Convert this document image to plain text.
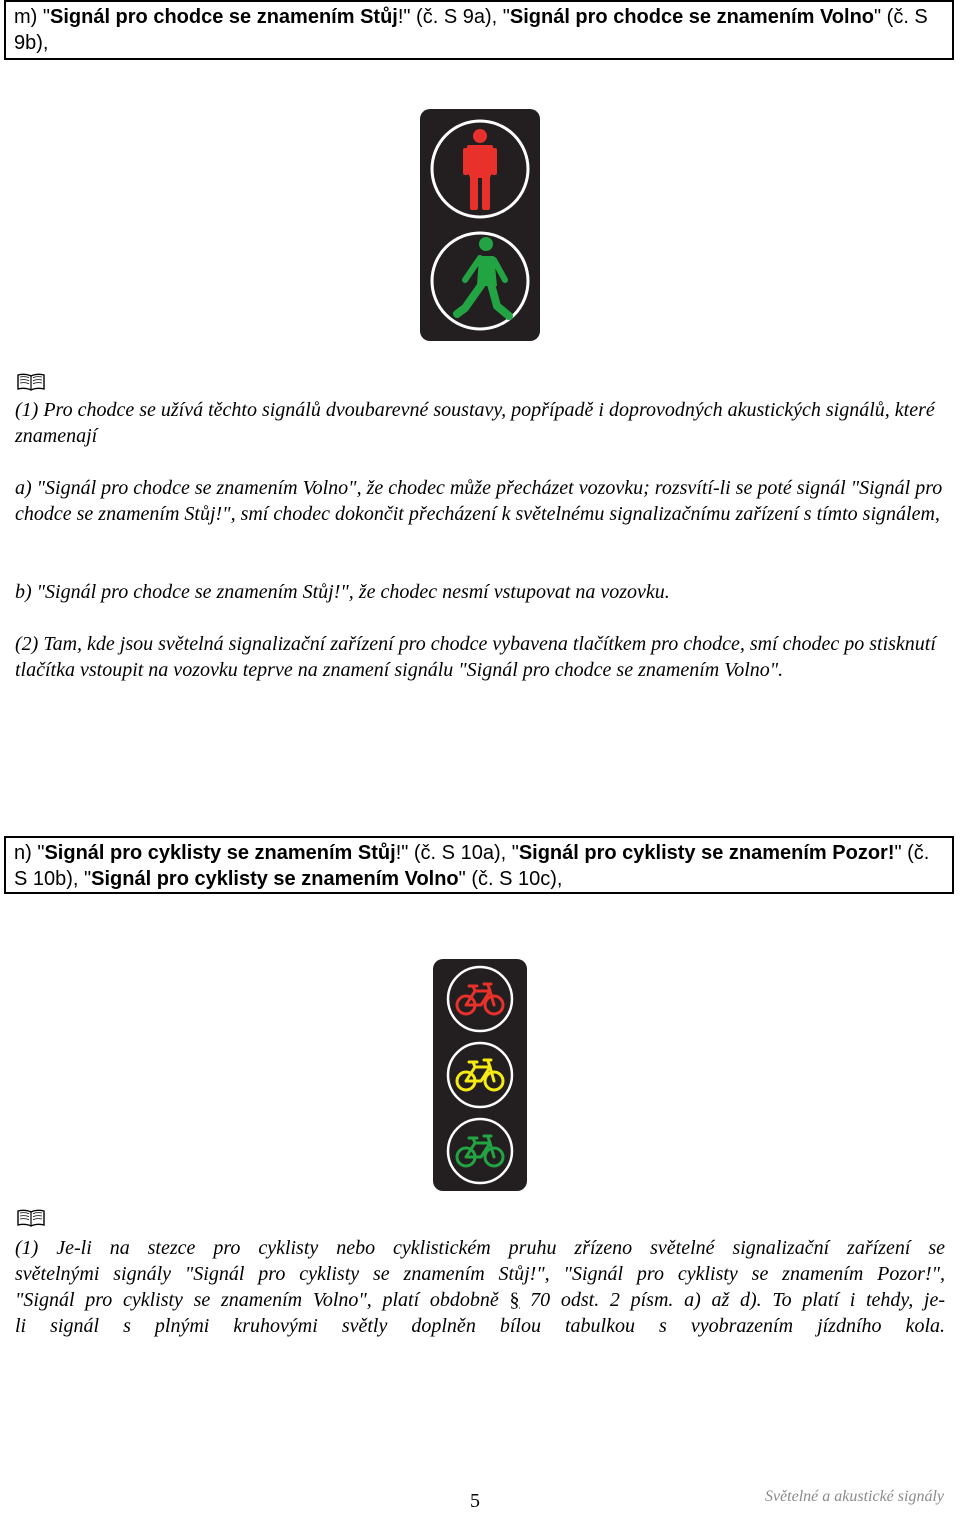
m) "Signál pro chodce se znamením Stůj!" (č. S 9a), "Signál pro chodce se znamením Volno" (č. S 9b),

(1) Pro chodce se užívá těchto signálů dvoubarevné soustavy, popřípadě i doprovodných akustických signálů, které znamenají

a) "Signál pro chodce se znamením Volno", že chodec může přecházet vozovku; rozsvítí-li se poté signál "Signál pro chodce se znamením Stůj!", smí chodec dokončit přecházení k světelnému signalizačnímu zařízení s tímto signálem,

b) "Signál pro chodce se znamením Stůj!", že chodec nesmí vstupovat na vozovku.

(2) Tam, kde jsou světelná signalizační zařízení pro chodce vybavena tlačítkem pro chodce, smí chodec po stisknutí tlačítka vstoupit na vozovku teprve na znamení signálu "Signál pro chodce se znamením Volno".

n) "Signál pro cyklisty se znamením Stůj!" (č. S 10a), "Signál pro cyklisty se znamením Pozor!" (č. S 10b), "Signál pro cyklisty se znamením Volno" (č. S 10c),

(1) Je-li na stezce pro cyklisty nebo cyklistickém pruhu zřízeno světelné signalizační zařízení se

světelnými signály "Signál pro cyklisty se znamením Stůj!", "Signál pro cyklisty se znamením Pozor!",

"Signál pro cyklisty se znamením Volno", platí obdobně § 70 odst. 2 písm. a) až d). To platí i tehdy, je-

li signál s plnými kruhovými světly doplněn bílou tabulkou s vyobrazením jízdního kola.

5	Světelné a akustické signály
